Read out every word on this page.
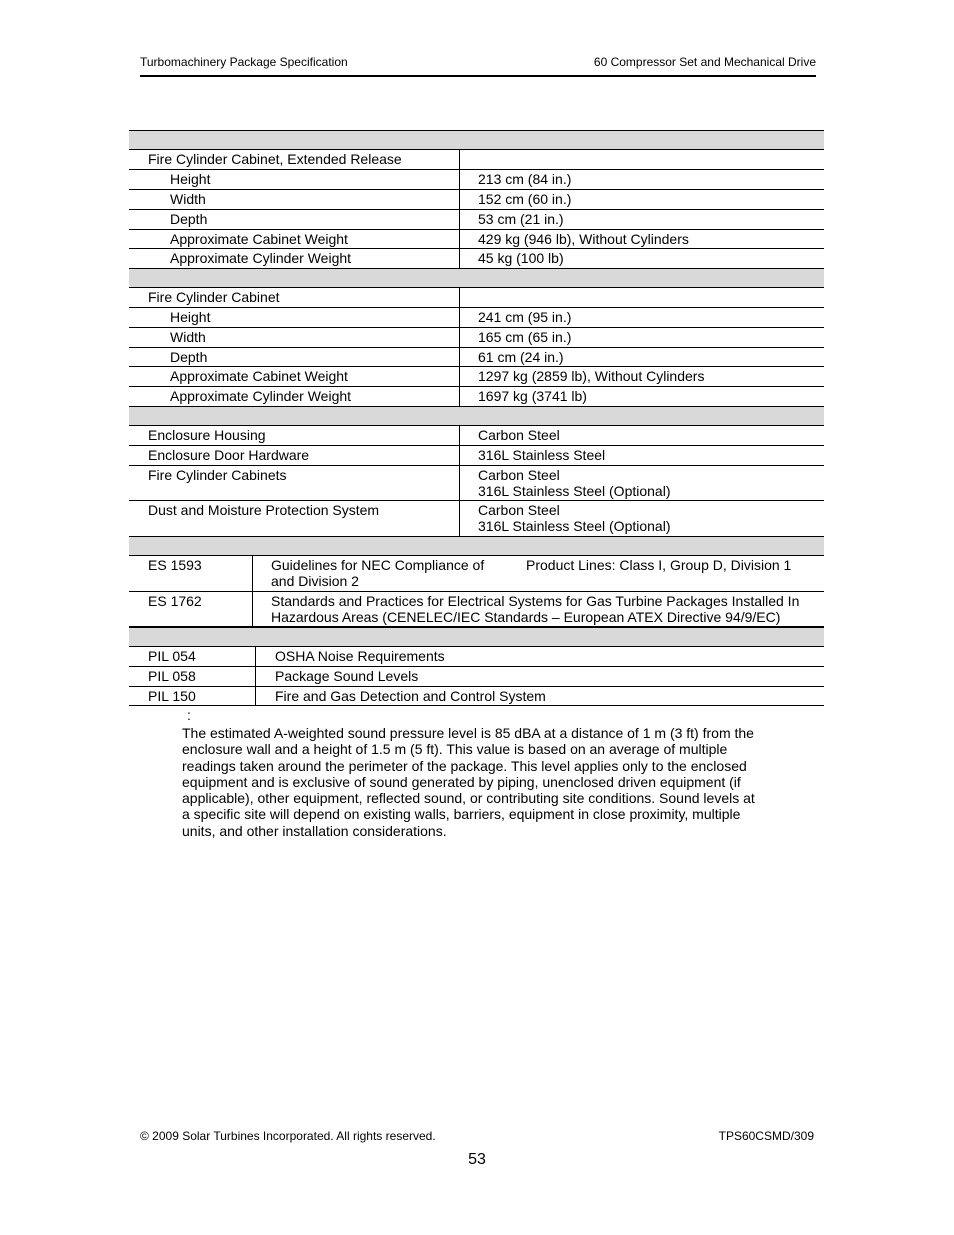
Turbomachinery Package Specification	60 Compressor Set and Mechanical Drive
Fire Cylinder Cabinet, Extended Release
Height	213 cm (84 in.)
Width	152 cm (60 in.)
Depth	53 cm (21 in.)
Approximate Cabinet Weight	429 kg (946 lb), Without Cylinders
Approximate Cylinder Weight	45 kg (100 lb)
Fire Cylinder Cabinet
Height	241 cm (95 in.)
Width	165 cm (65 in.)
Depth	61 cm (24 in.)
Approximate Cabinet Weight	1297 kg (2859 lb), Without Cylinders
Approximate Cylinder Weight	1697 kg (3741 lb)
Enclosure Housing	Carbon Steel
Enclosure Door Hardware	316L Stainless Steel
Fire Cylinder Cabinets	Carbon Steel
316L Stainless Steel (Optional)
Dust and Moisture Protection System	Carbon Steel
316L Stainless Steel (Optional)
ES 1593	Guidelines for NEC Compliance of	Product Lines: Class I, Group D, Division 1
and Division 2
ES 1762	Standards and Practices for Electrical Systems for Gas Turbine Packages Installed In
Hazardous Areas (CENELEC/IEC Standards – European ATEX Directive 94/9/EC)
PIL 054	OSHA Noise Requirements
PIL 058	Package Sound Levels
PIL 150	Fire and Gas Detection and Control System
:
The estimated A-weighted sound pressure level is 85 dBA at a distance of 1 m (3 ft) from the
enclosure wall and a height of 1.5 m (5 ft). This value is based on an average of multiple
readings taken around the perimeter of the package. This level applies only to the enclosed
equipment and is exclusive of sound generated by piping, unenclosed driven equipment (if
applicable), other equipment, reflected sound, or contributing site conditions. Sound levels at
a specific site will depend on existing walls, barriers, equipment in close proximity, multiple
units, and other installation considerations.
© 2009 Solar Turbines Incorporated. All rights reserved.	TPS60CSMD/309
53
